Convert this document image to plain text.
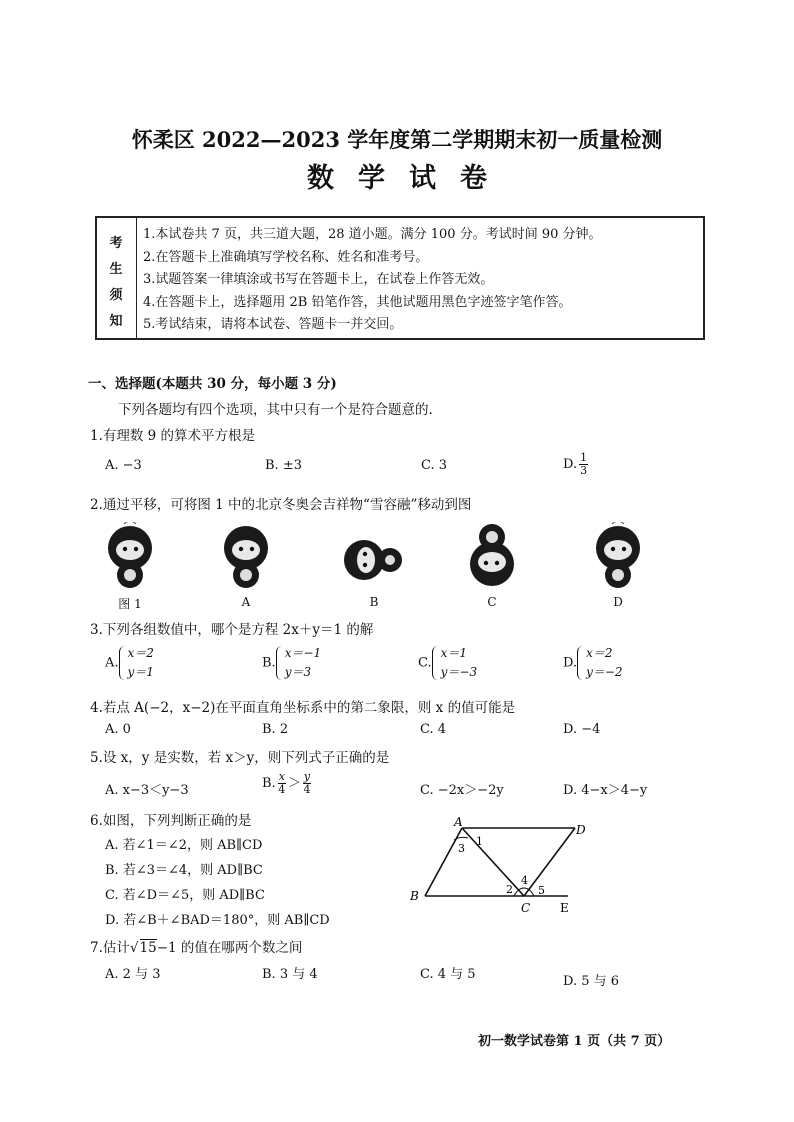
怀柔区 2022—2023 学年度第二学期期末初一质量检测
数学试卷
考
生
须
知
1.本试卷共 7 页，共三道大题，28 道小题。满分 100 分。考试时间 90 分钟。
2.在答题卡上准确填写学校名称、姓名和准考号。
3.试题答案一律填涂或书写在答题卡上，在试卷上作答无效。
4.在答题卡上，选择题用 2B 铅笔作答，其他试题用黑色字迹签字笔作答。
5.考试结束，请将本试卷、答题卡一并交回。
一、选择题(本题共 30 分，每小题 3 分)
下列各题均有四个选项，其中只有一个是符合题意的.
1.有理数 9 的算术平方根是
A. −3	B. ±3	C. 3	D. $\frac{1}{3}$
2.通过平移，可将图 1 中的北京冬奥会吉祥物“雪容融”移动到图
图 1	A	B	C	D
3.下列各组数值中，哪个是方程 2x＋y＝1 的解
A.
x＝2
y＝1
B.
x＝−1
y＝3
C.
x＝1
y＝−3
D.
x＝2
y＝−2
4.若点 A(−2，x−2)在平面直角坐标系中的第二象限，则 x 的值可能是
A. 0	B. 2	C. 4	D. −4
5.设 x，y 是实数，若 x＞y，则下列式子正确的是
A. x−3＜y−3	B. $\frac{x}{4} > \frac{y}{4}$	C. −2x＞−2y	D. 4−x＞4−y
6.如图，下列判断正确的是
A. 若∠1＝∠2，则 AB∥CD
B. 若∠3＝∠4，则 AD∥BC
C. 若∠D＝∠5，则 AD∥BC
D. 若∠B＋∠BAD＝180°，则 AB∥CD
A
D
B
C E
1
3
2
4
5
7.估计√15−1 的值在哪两个数之间
A. 2 与 3	B. 3 与 4	C. 4 与 5	D. 5 与 6
初一数学试卷第 1 页（共 7 页）
